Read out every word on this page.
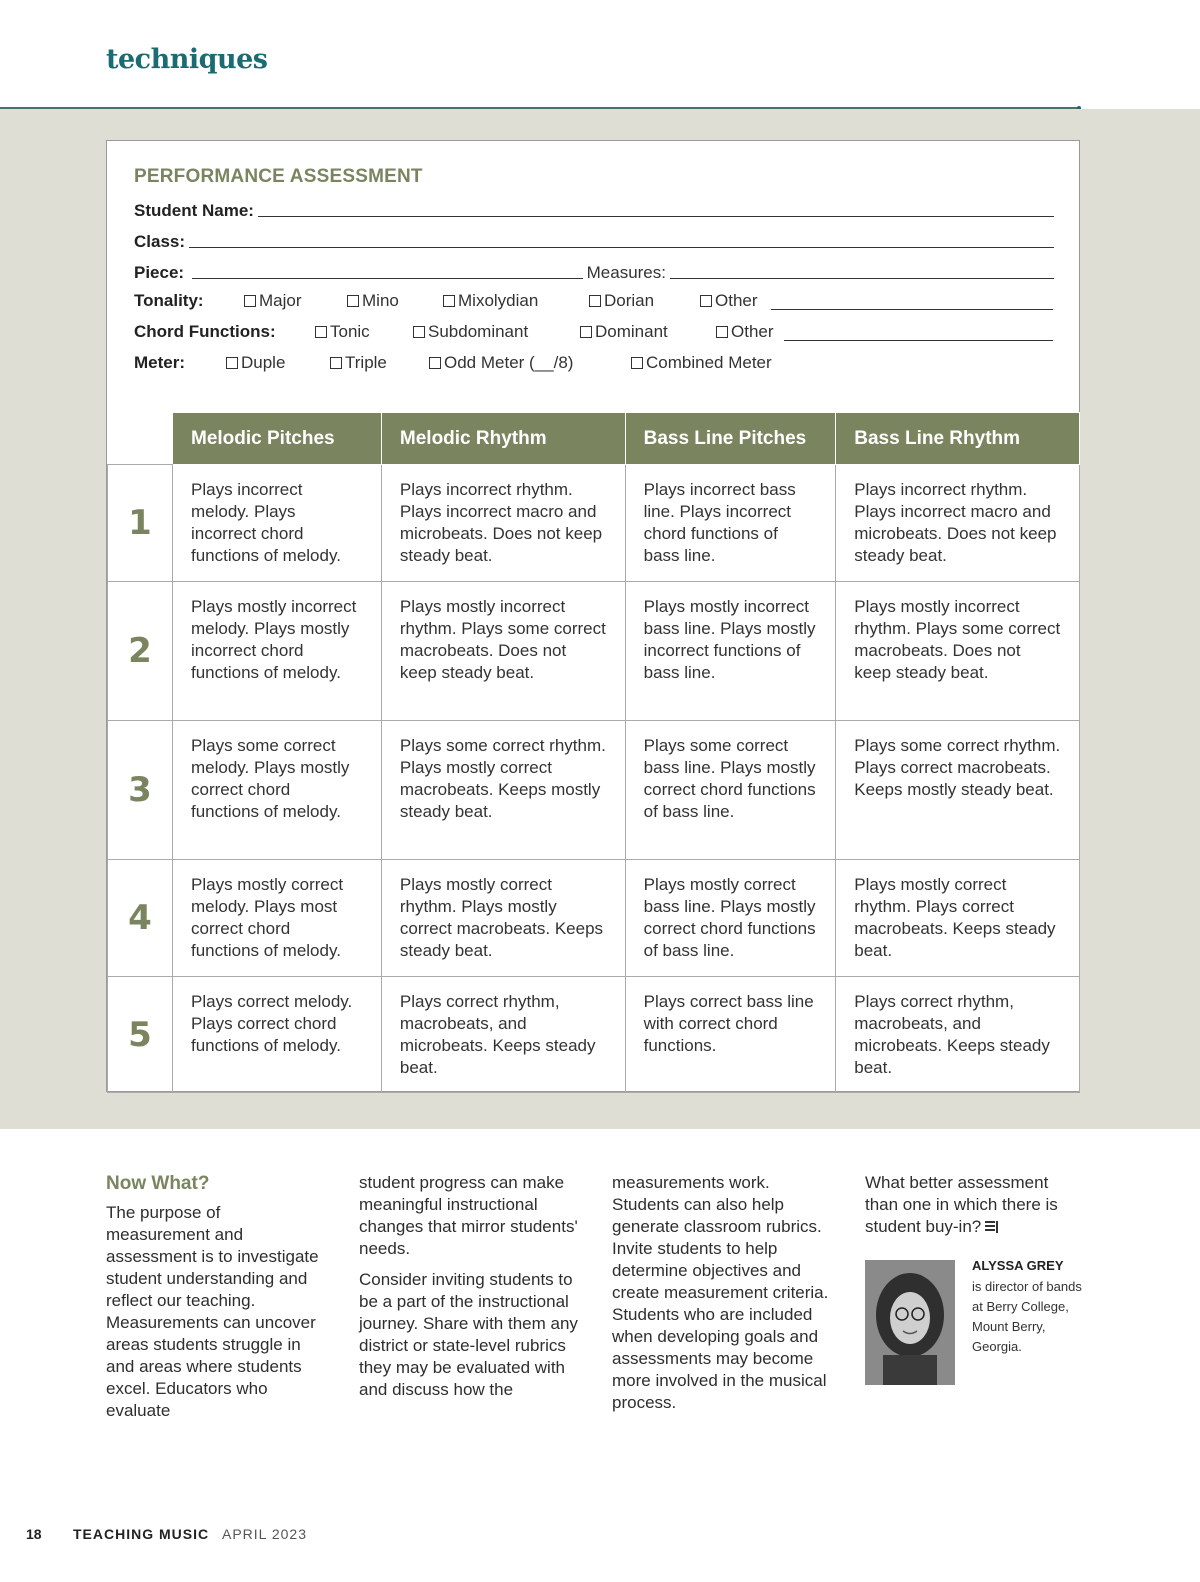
techniques
PERFORMANCE ASSESSMENT
Student Name:
Class:
Piece:	Measures:
Tonality:	Major	Mino	Mixolydian	Dorian	Other
Chord Functions:	Tonic	Subdominant	Dominant	Other
Meter:	Duple	Triple	Odd Meter (__/8)	Combined Meter
	Melodic Pitches	Melodic Rhythm	Bass Line Pitches	Bass Line Rhythm
1	Plays incorrect melody. Plays incorrect chord functions of melody.	Plays incorrect rhythm. Plays incorrect macro and microbeats. Does not keep steady beat.	Plays incorrect bass line. Plays incorrect chord functions of bass line.	Plays incorrect rhythm. Plays incorrect macro and microbeats. Does not keep steady beat.
2	Plays mostly incorrect melody. Plays mostly incorrect chord functions of melody.	Plays mostly incorrect rhythm. Plays some correct macrobeats. Does not keep steady beat.	Plays mostly incorrect bass line. Plays mostly incorrect functions of bass line.	Plays mostly incorrect rhythm. Plays some correct macrobeats. Does not keep steady beat.
3	Plays some correct melody. Plays mostly correct chord functions of melody.	Plays some correct rhythm. Plays mostly correct macrobeats. Keeps mostly steady beat.	Plays some correct bass line. Plays mostly correct chord functions of bass line.	Plays some correct rhythm. Plays correct macrobeats. Keeps mostly steady beat.
4	Plays mostly correct melody. Plays most correct chord functions of melody.	Plays mostly correct rhythm. Plays mostly correct macrobeats. Keeps steady beat.	Plays mostly correct bass line. Plays mostly correct chord functions of bass line.	Plays mostly correct rhythm. Plays correct macrobeats. Keeps steady beat.
5	Plays correct melody. Plays correct chord functions of melody.	Plays correct rhythm, macrobeats, and microbeats. Keeps steady beat.	Plays correct bass line with correct chord functions.	Plays correct rhythm, macrobeats, and microbeats. Keeps steady beat.
Now What?

The purpose of measurement and assessment is to investigate student understanding and reflect our teaching. Measurements can uncover areas students struggle in and areas where students excel. Educators who evaluate

student progress can make meaningful instructional changes that mirror students' needs.

Consider inviting students to be a part of the instructional journey. Share with them any district or state-level rubrics they may be evaluated with and discuss how the

measurements work. Students can also help generate classroom rubrics. Invite students to help determine objectives and create measurement criteria. Students who are included when developing goals and assessments may become more involved in the musical process.

What better assessment than one in which there is student buy-in?

ALYSSA GREY
is director of bands at Berry College, Mount Berry, Georgia.
18 TEACHING MUSIC APRIL 2023
